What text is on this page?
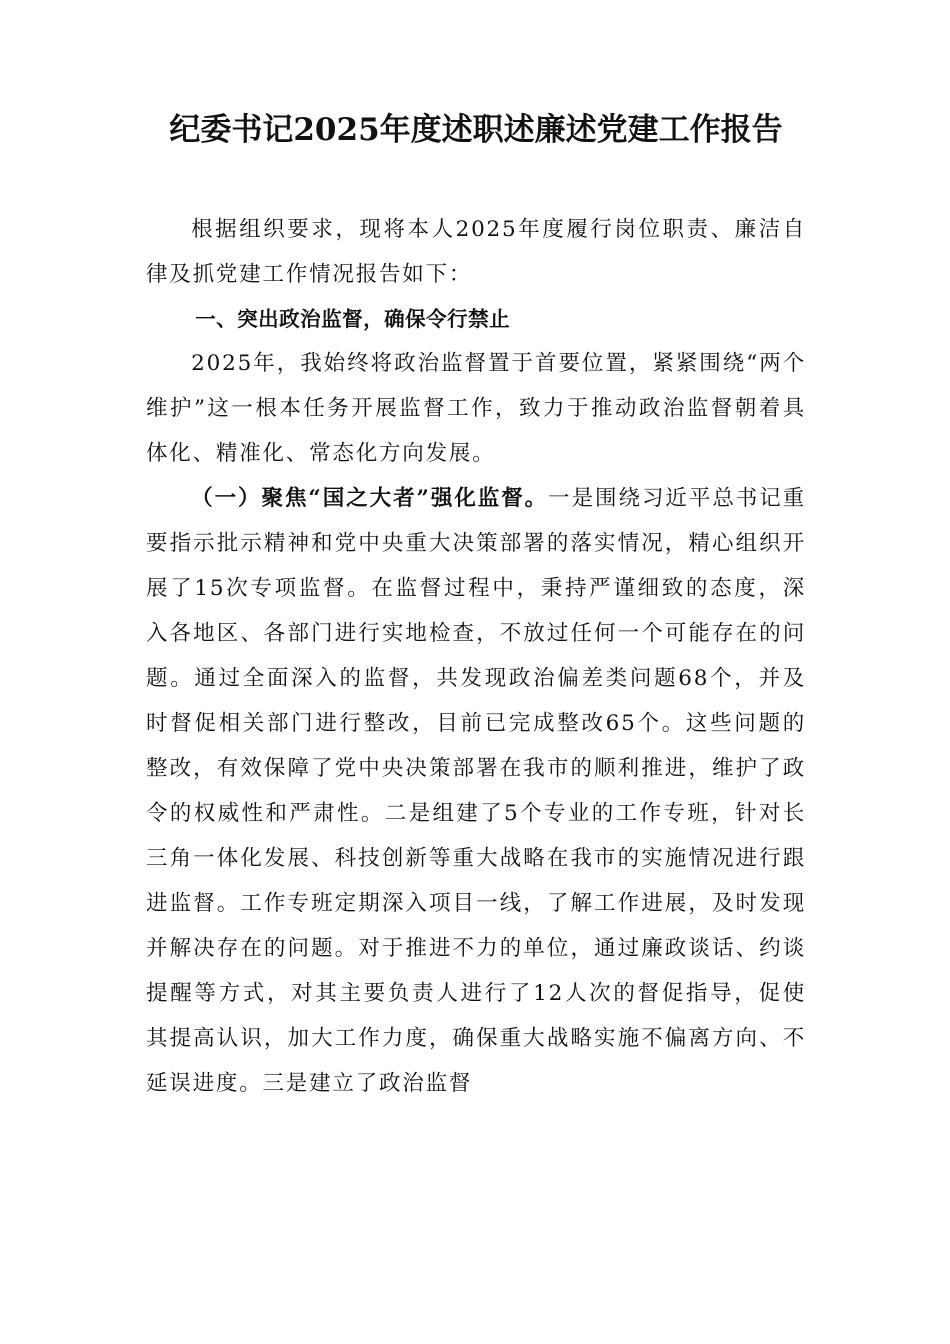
纪委书记2025年度述职述廉述党建工作报告

根据组织要求，现将本人2025年度履行岗位职责、廉洁自律及抓党建工作情况报告如下：

一、突出政治监督，确保令行禁止

2025年，我始终将政治监督置于首要位置，紧紧围绕“两个维护”这一根本任务开展监督工作，致力于推动政治监督朝着具体化、精准化、常态化方向发展。

（一）聚焦“国之大者”强化监督。一是围绕习近平总书记重要指示批示精神和党中央重大决策部署的落实情况，精心组织开展了15次专项监督。在监督过程中，秉持严谨细致的态度，深入各地区、各部门进行实地检查，不放过任何一个可能存在的问题。通过全面深入的监督，共发现政治偏差类问题68个，并及时督促相关部门进行整改，目前已完成整改65个。这些问题的整改，有效保障了党中央决策部署在我市的顺利推进，维护了政令的权威性和严肃性。二是组建了5个专业的工作专班，针对长三角一体化发展、科技创新等重大战略在我市的实施情况进行跟进监督。工作专班定期深入项目一线，了解工作进展，及时发现并解决存在的问题。对于推进不力的单位，通过廉政谈话、约谈提醒等方式，对其主要负责人进行了12人次的督促指导，促使其提高认识，加大工作力度，确保重大战略实施不偏离方向、不延误进度。三是建立了政治监督
